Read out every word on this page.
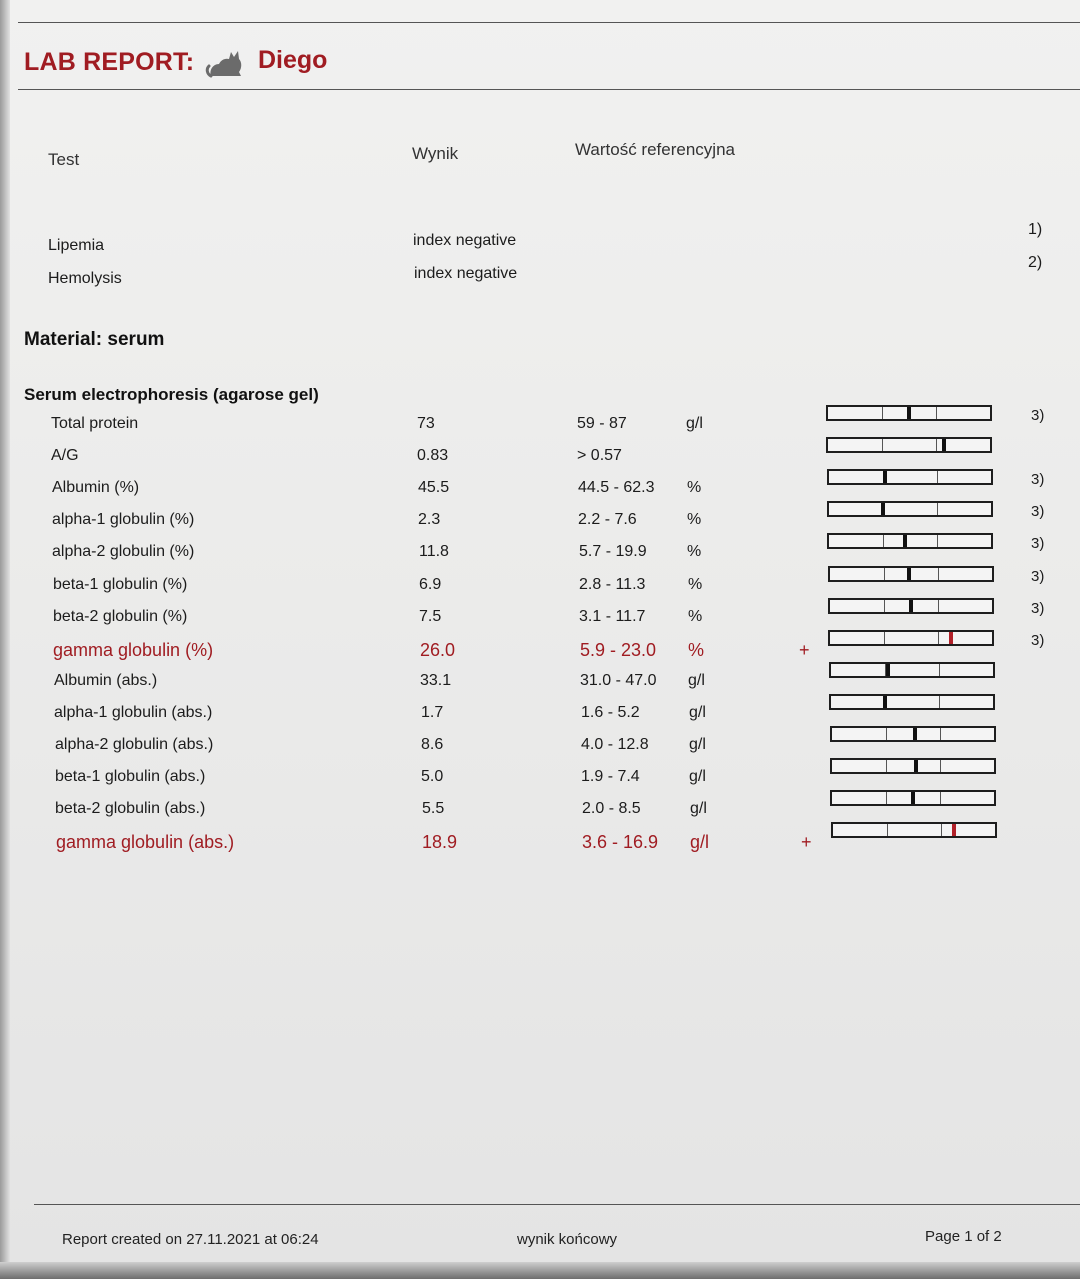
LAB REPORT:	Diego
Test	Wynik	Wartość referencyjna
Lipemia	index negative
1)
Hemolysis	index negative
2)
Material: serum
Serum electrophoresis (agarose gel)
Total protein	73	59 - 87	g/l	3)
A/G	0.83	> 0.57
Albumin (%)	45.5	44.5 - 62.3 %	3)
alpha-1 globulin (%)	2.3	2.2 - 7.6	%	3)
alpha-2 globulin (%)	11.8	5.7 - 19.9	%	3)
beta-1 globulin (%)	6.9	2.8 - 11.3	%	3)
beta-2 globulin (%)	7.5	3.1 - 11.7	%	3)
gamma globulin (%)	26.0	5.9 - 23.0 %	+	3)
Albumin (abs.)	33.1	31.0 - 47.0 g/l
alpha-1 globulin (abs.)	1.7	1.6 - 5.2	g/l
alpha-2 globulin (abs.)	8.6	4.0 - 12.8	g/l
beta-1 globulin (abs.)	5.0	1.9 - 7.4	g/l
beta-2 globulin (abs.)	5.5	2.0 - 8.5	g/l
gamma globulin (abs.)	18.9	3.6 - 16.9 g/l	+
Report created on 27.11.2021 at 06:24	wynik końcowy	Page 1 of 2
